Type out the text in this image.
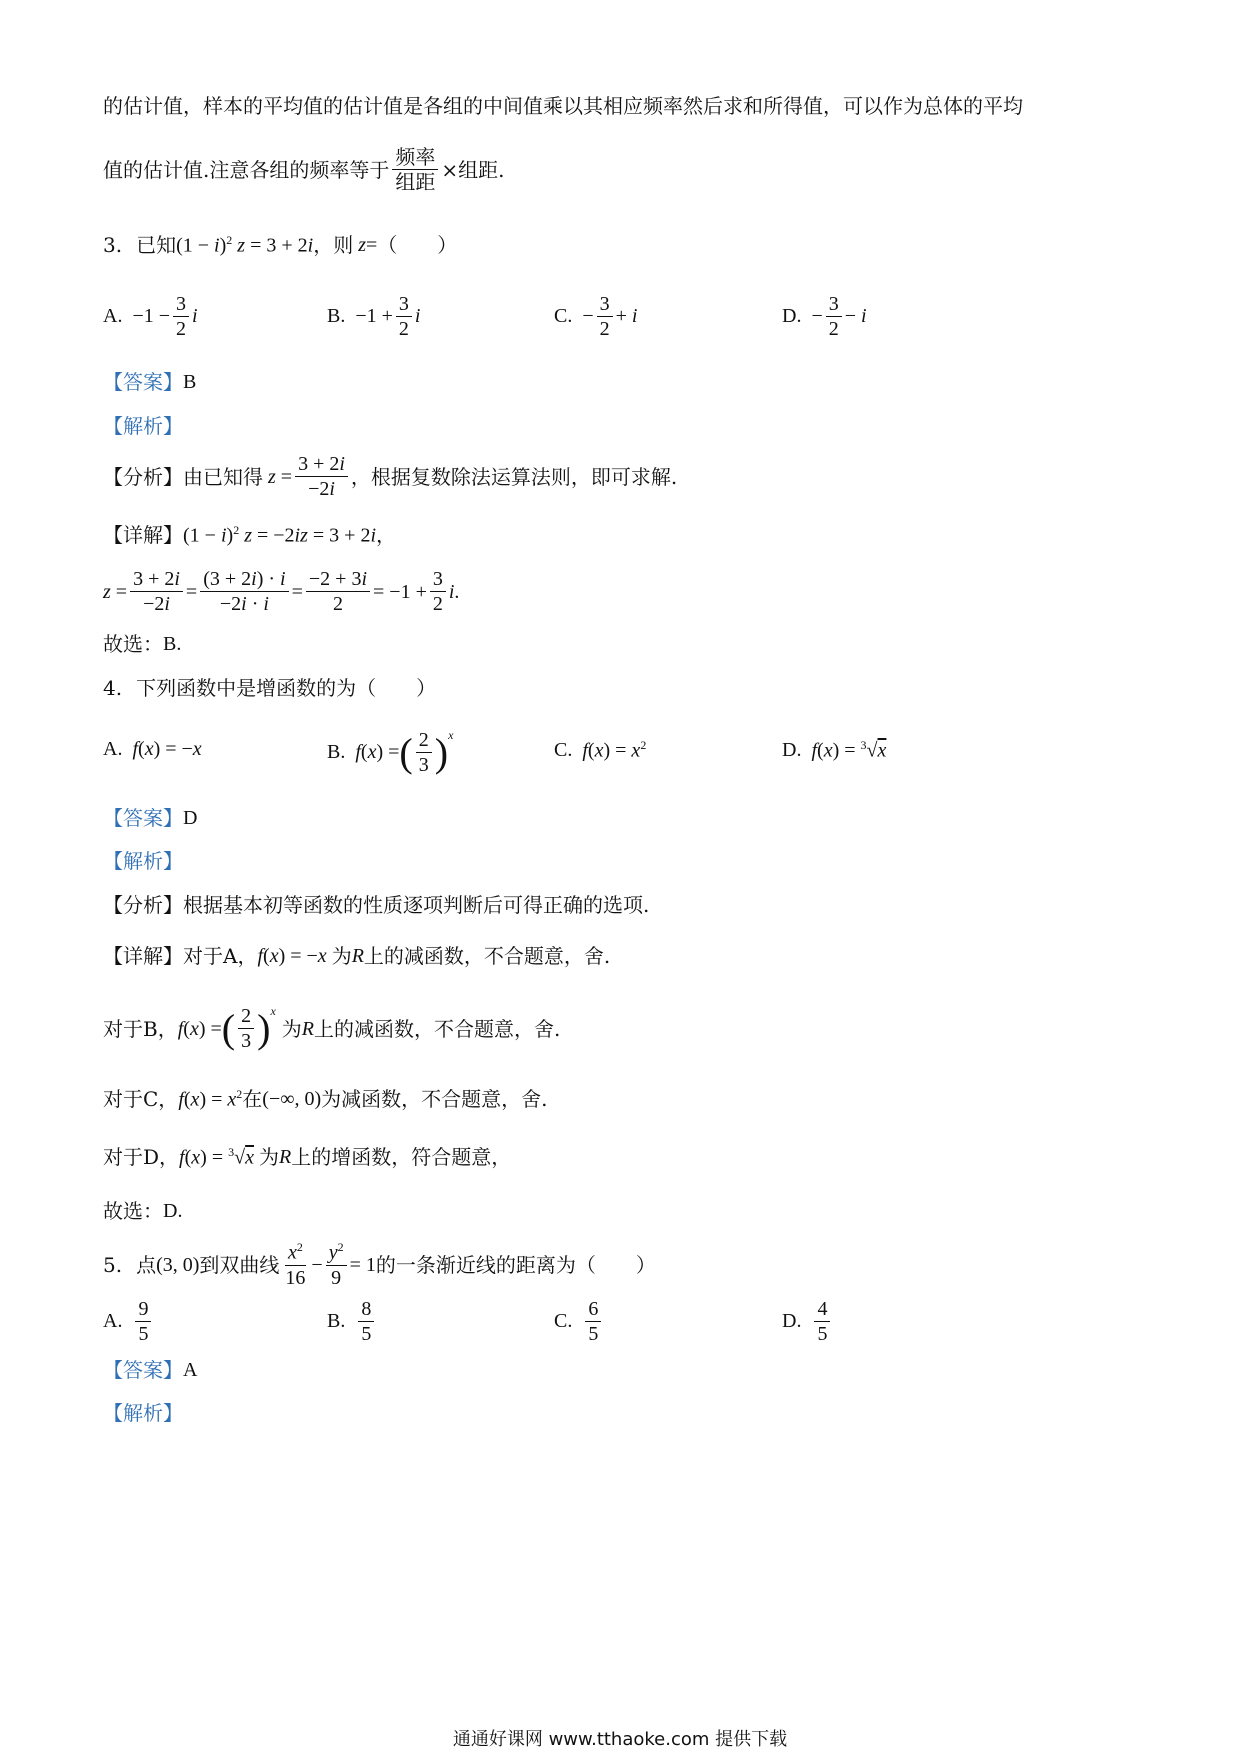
的估计值，样本的平均值的估计值是各组的中间值乘以其相应频率然后求和所得值，可以作为总体的平均
值的估计值.注意各组的频率等于 $\frac{\text{频率}}{\text{组距}}$ ×组距.
3. 已知 $(1 - i)^2$ z = 3 + 2i ，则 z = （　　）
A. $-1 - \frac{3}{2}$ i	B. $-1 + \frac{3}{2}$ i	C. − $\frac{3}{2} + i$	D. − $\frac{3}{2} - i$
【答案】 B
【解析】
【分析】 由已知得 $z = \frac{3 + 2i}{-2i}$ ，根据复数除法运算法则，即可求解.
【详解】 $(1 - i)^2$ z = −2iz = 3 + 2i ，
$z = \frac{3 + 2i}{-2i} = \frac{(3 + 2i) \cdot i}{-2i \cdot i} = \frac{-2 + 3i}{2} = -1 + \frac{3}{2}$ i .
故选： B.
4. 下列函数中是增函数的为（　　）
A. f(x) = −x	B. f(x) = ( $\frac{2}{3} )^x$
C. $f(x) = x^2$	D. f(x) = $^3$√x
【答案】 D
【解析】
【分析】 根据基本初等函数的性质逐项判断后可得正确的选项.
【详解】 对于A， f(x) = −x 为 R 上的减函数，不合题意，舍.
对于B， f(x) = ( $\frac{2}{3} )^x$
为 R 上的减函数，不合题意，舍.
对于C， $f(x) = x^2$ 在 (−∞, 0) 为减函数，不合题意，舍.
对于D， f(x) = $^3$√x 为 R 上的增函数，符合题意，
故选： D.
5. 点 (3, 0) 到双曲线 $\frac{x^2}{16} - \frac{y^2}{9} = 1$ 的一条渐近线的距离为（　　）
A. $\frac{9}{5}$	B. $\frac{8}{5}$	C. $\frac{6}{5}$	D. $\frac{4}{5}$
【答案】 A
【解析】
通通好课网 www.tthaoke.com 提供下载
